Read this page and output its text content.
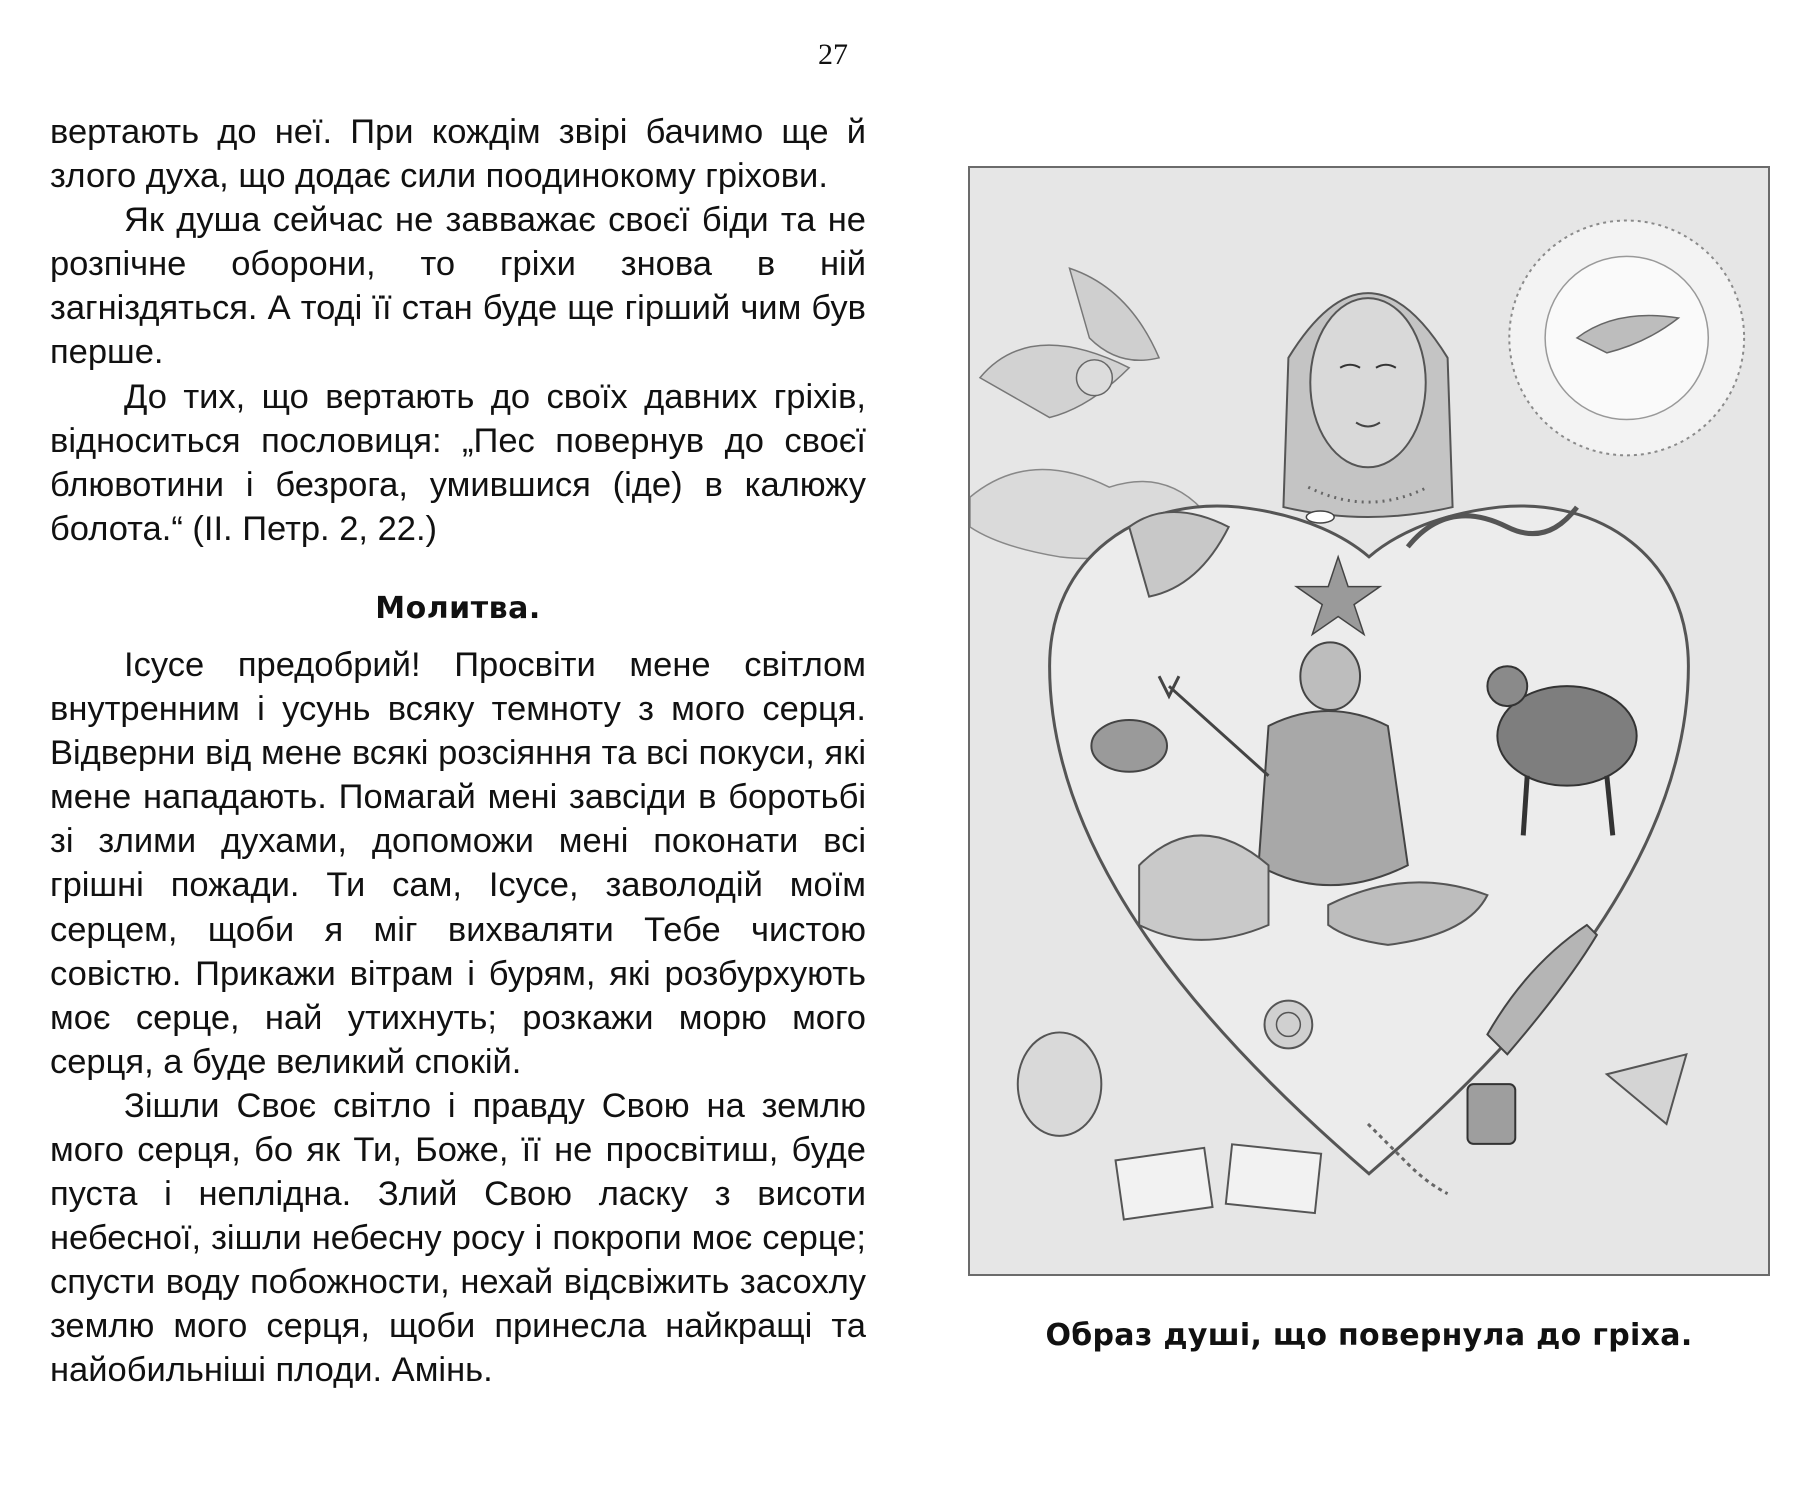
27

вертають до неї. При кождім звірі бачимо ще й злого духа, що додає сили поодинокому гріхови.

Як душа сейчас не завважає своєї біди та не розпічне оборони, то гріхи знова в ній загніздяться. А тоді її стан буде ще гірший чим був перше.

До тих, що вертають до своїх давних гріхів, відноситься пословиця: „Пес повернув до своєї блювотини і безрога, умившися (іде) в калюжу болота.“ (ІІ. Петр. 2, 22.)

Молитва.

Ісусе предобрий! Просвіти мене світлом внутренним і усунь всяку темноту з мого серця. Відверни від мене всякі розсіяння та всі покуси, які мене нападають. Помагай мені завсіди в боротьбі зі злими духами, допоможи мені поконати всі грішні пожади. Ти сам, Ісусе, заволодій моїм серцем, щоби я міг вихваляти Тебе чистою совістю. Прикажи вітрам і бурям, які розбурхують моє серце, най утихнуть; розкажи морю мого серця, а буде великий спокій.

Зішли Своє світло і правду Свою на землю мого серця, бо як Ти, Боже, її не просвітиш, буде пуста і неплідна. Злий Свою ласку з висоти небесної, зішли небесну росу і покропи моє серце; спусти воду побожности, нехай відсвіжить засохлу землю мого серця, щоби принесла найкращі та найобильніші плоди. Амінь.

Образ душі, що повернула до гріха.
